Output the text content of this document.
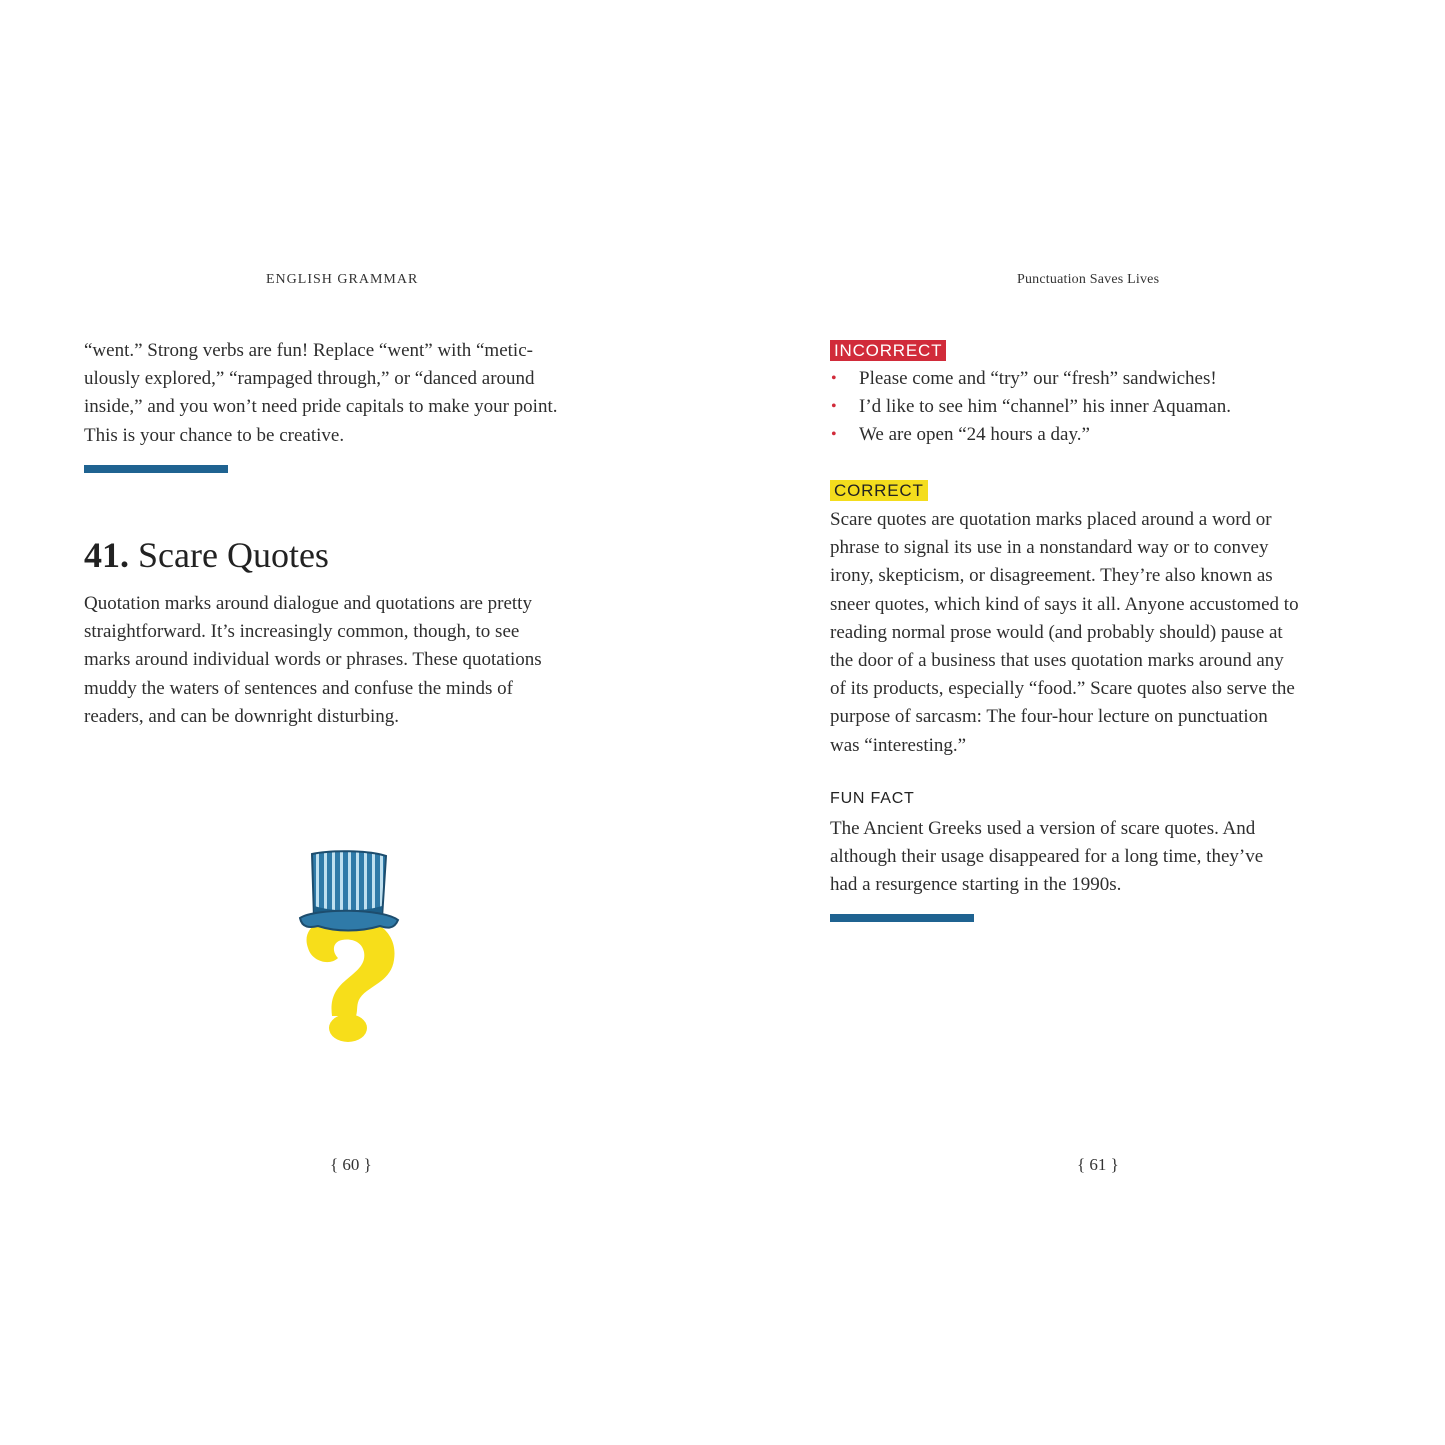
ENGLISH GRAMMAR
“went.” Strong verbs are fun! Replace “went” with “metic-
ulously explored,” “rampaged through,” or “danced around
inside,” and you won’t need pride capitals to make your point.
This is your chance to be creative.
41. Scare Quotes
Quotation marks around dialogue and quotations are pretty
straightforward. It’s increasingly common, though, to see
marks around individual words or phrases. These quotations
muddy the waters of sentences and confuse the minds of
readers, and can be downright disturbing.
{ 60 }
Punctuation Saves Lives
INCORRECT
• Please come and “try” our “fresh” sandwiches!
• I’d like to see him “channel” his inner Aquaman.
• We are open “24 hours a day.”
CORRECT
Scare quotes are quotation marks placed around a word or
phrase to signal its use in a nonstandard way or to convey
irony, skepticism, or disagreement. They’re also known as
sneer quotes, which kind of says it all. Anyone accustomed to
reading normal prose would (and probably should) pause at
the door of a business that uses quotation marks around any
of its products, especially “food.” Scare quotes also serve the
purpose of sarcasm: The four-hour lecture on punctuation
was “interesting.”
FUN FACT
The Ancient Greeks used a version of scare quotes. And
although their usage disappeared for a long time, they’ve
had a resurgence starting in the 1990s.
{ 61 }
